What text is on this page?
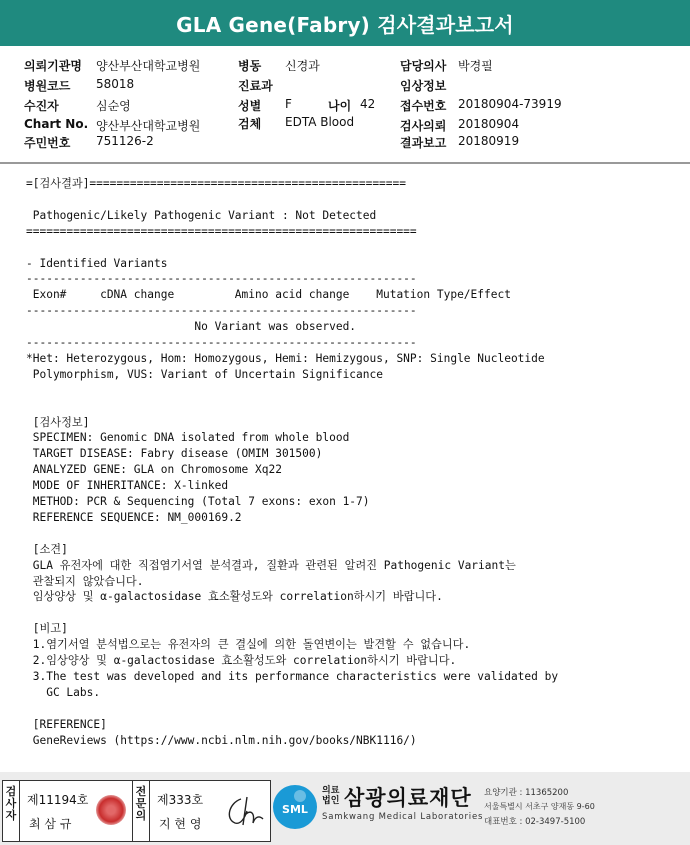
GLA Gene(Fabry) 검사결과보고서
의뢰기관명 양산부산대학교병원
병원코드 58018
수진자	심순영
Chart No. 양산부산대학교병원
주민번호 751126-2
병동 신경과
진료과
성별 F	나이 42
검체 EDTA Blood
담당의사 박경필
임상정보
접수번호 20180904-73919
검사의뢰 20180904
결과보고 20180919
=[검사결과]===============================================
Pathogenic/Likely Pathogenic Variant : Not Detected
==========================================================
- Identified Variants
----------------------------------------------------------
Exon#     cDNA change         Amino acid change    Mutation Type/Effect
----------------------------------------------------------
No Variant was observed.
----------------------------------------------------------
*Het: Heterozygous, Hom: Homozygous, Hemi: Hemizygous, SNP: Single Nucleotide
Polymorphism, VUS: Variant of Uncertain Significance
[검사정보]
SPECIMEN: Genomic DNA isolated from whole blood
TARGET DISEASE: Fabry disease (OMIM 301500)
ANALYZED GENE: GLA on Chromosome Xq22
MODE OF INHERITANCE: X-linked
METHOD: PCR & Sequencing (Total 7 exons: exon 1-7)
REFERENCE SEQUENCE: NM_000169.2
[소견]
GLA 유전자에 대한 직접염기서열 분석결과, 질환과 관련된 알려진 Pathogenic Variant는
관찰되지 않았습니다.
임상양상 및 α-galactosidase 효소활성도와 correlation하시기 바랍니다.
[비고]
1.염기서열 분석법으로는 유전자의 큰 결실에 의한 돌연변이는 발견할 수 없습니다.
2.임상양상 및 α-galactosidase 효소활성도와 correlation하시기 바랍니다.
3.The test was developed and its performance characteristics were validated by
GC Labs.
[REFERENCE]
GeneReviews (https://www.ncbi.nlm.nih.gov/books/NBK1116/)
검사자
제11194호
최 삼 규
전문의
제333호
지 현 영
SML
의료
법인 삼광의료재단
Samkwang Medical Laboratories
요양기관 : 11365200
서울특별시 서초구 양재동 9-60
대표번호 : 02-3497-5100
